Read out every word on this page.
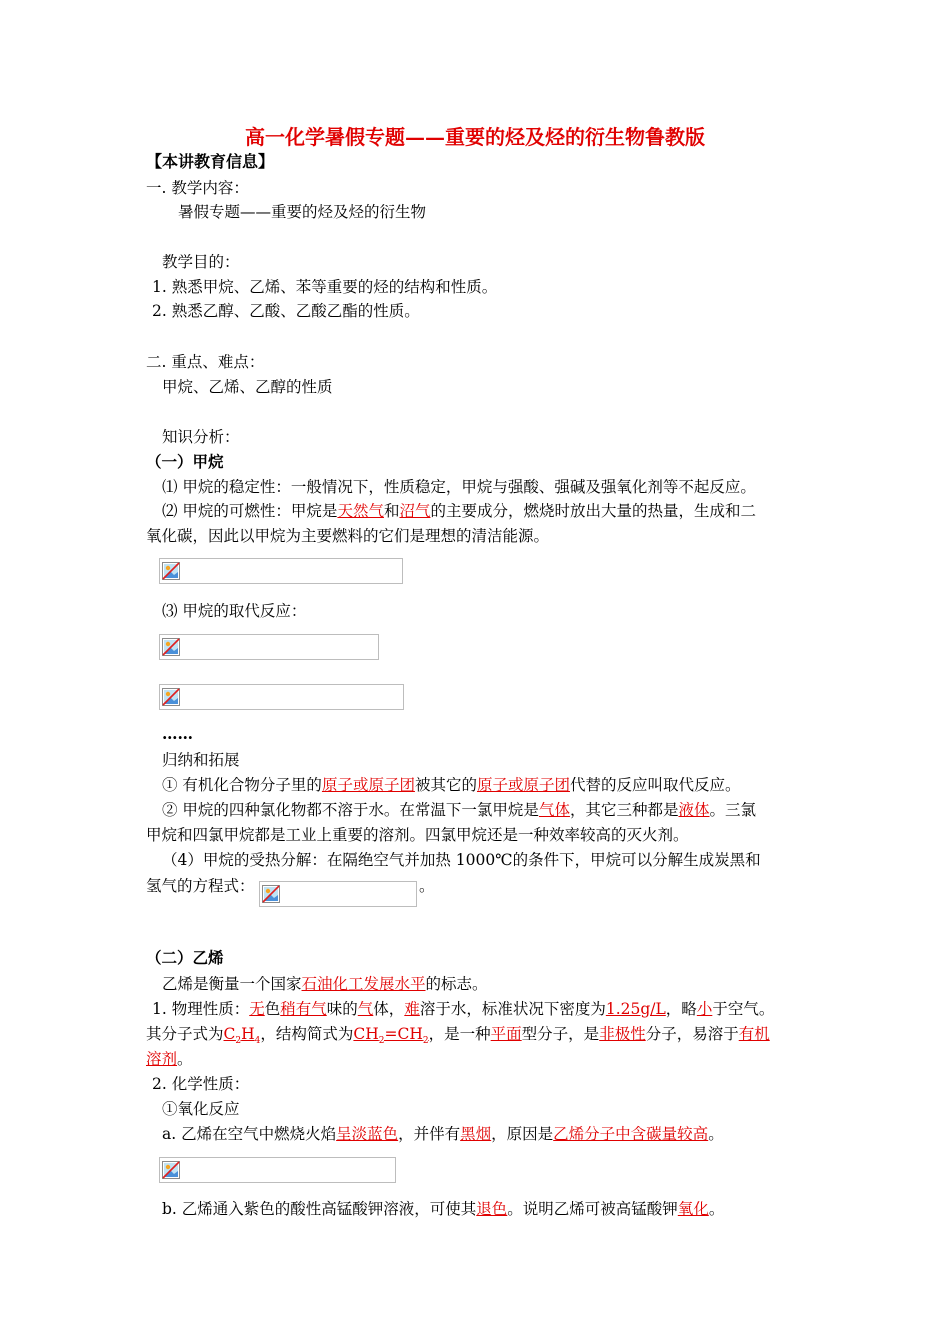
高一化学暑假专题——重要的烃及烃的衍生物鲁教版
【本讲教育信息】
一. 教学内容：
暑假专题——重要的烃及烃的衍生物
教学目的：
1. 熟悉甲烷、乙烯、苯等重要的烃的结构和性质。
2. 熟悉乙醇、乙酸、乙酸乙酯的性质。
二. 重点、难点：
甲烷、乙烯、乙醇的性质
知识分析：
（一）甲烷
⑴ 甲烷的稳定性：一般情况下，性质稳定，甲烷与强酸、强碱及强氧化剂等不起反应。
⑵ 甲烷的可燃性：甲烷是天然气和沼气的主要成分，燃烧时放出大量的热量，生成和二
氧化碳，因此以甲烷为主要燃料的它们是理想的清洁能源。
⑶ 甲烷的取代反应：
……
归纳和拓展
① 有机化合物分子里的原子或原子团被其它的原子或原子团代替的反应叫取代反应。
② 甲烷的四种氯化物都不溶于水。在常温下一氯甲烷是气体，其它三种都是液体。三氯
甲烷和四氯甲烷都是工业上重要的溶剂。四氯甲烷还是一种效率较高的灭火剂。
（4）甲烷的受热分解：在隔绝空气并加热 1000℃的条件下，甲烷可以分解生成炭黑和
氢气的方程式：	。
（二）乙烯
乙烯是衡量一个国家石油化工发展水平的标志。
1. 物理性质：无色稍有气味的气体，难溶于水，标准状况下密度为1.25g/L，略小于空气。
其分子式为$C_2H_4$，结构简式为$CH_2=CH_2$，是一种平面型分子，是非极性分子，易溶于有机
溶剂。
2. 化学性质：
①氧化反应
a. 乙烯在空气中燃烧火焰呈淡蓝色，并伴有黑烟，原因是乙烯分子中含碳量较高。
b. 乙烯通入紫色的酸性高锰酸钾溶液，可使其退色。说明乙烯可被高锰酸钾氧化。
